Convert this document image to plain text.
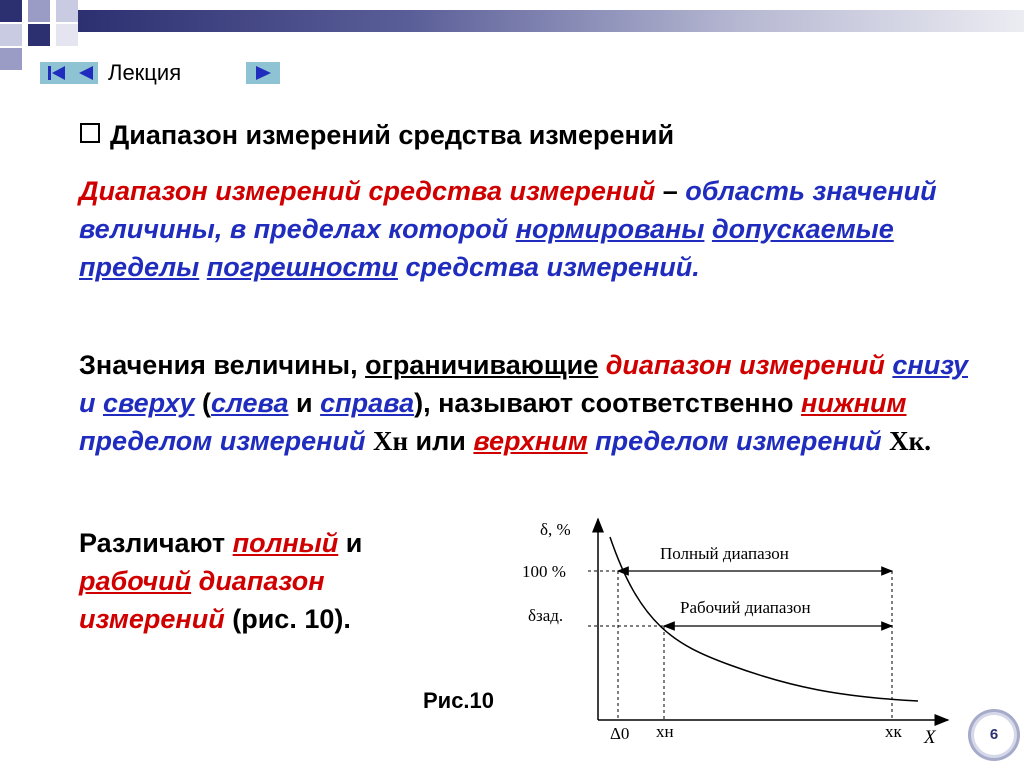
Лекция
Диапазон измерений средства измерений
Диапазон измерений средства измерений – область значений величины, в пределах которой нормированы допускаемые пределы погрешности средства измерений.
Значения величины, ограничивающие диапазон измерений снизу и сверху (слева и справа), называют соответственно нижним пределом измерений Xн или верхним пределом измерений Xк.
Различают полный и рабочий диапазон измерений (рис. 10).
Рис.10
δ, %
100 %
δзад.
Полный диапазон
Рабочий диапазон
Δ0 xн	xк X	6
